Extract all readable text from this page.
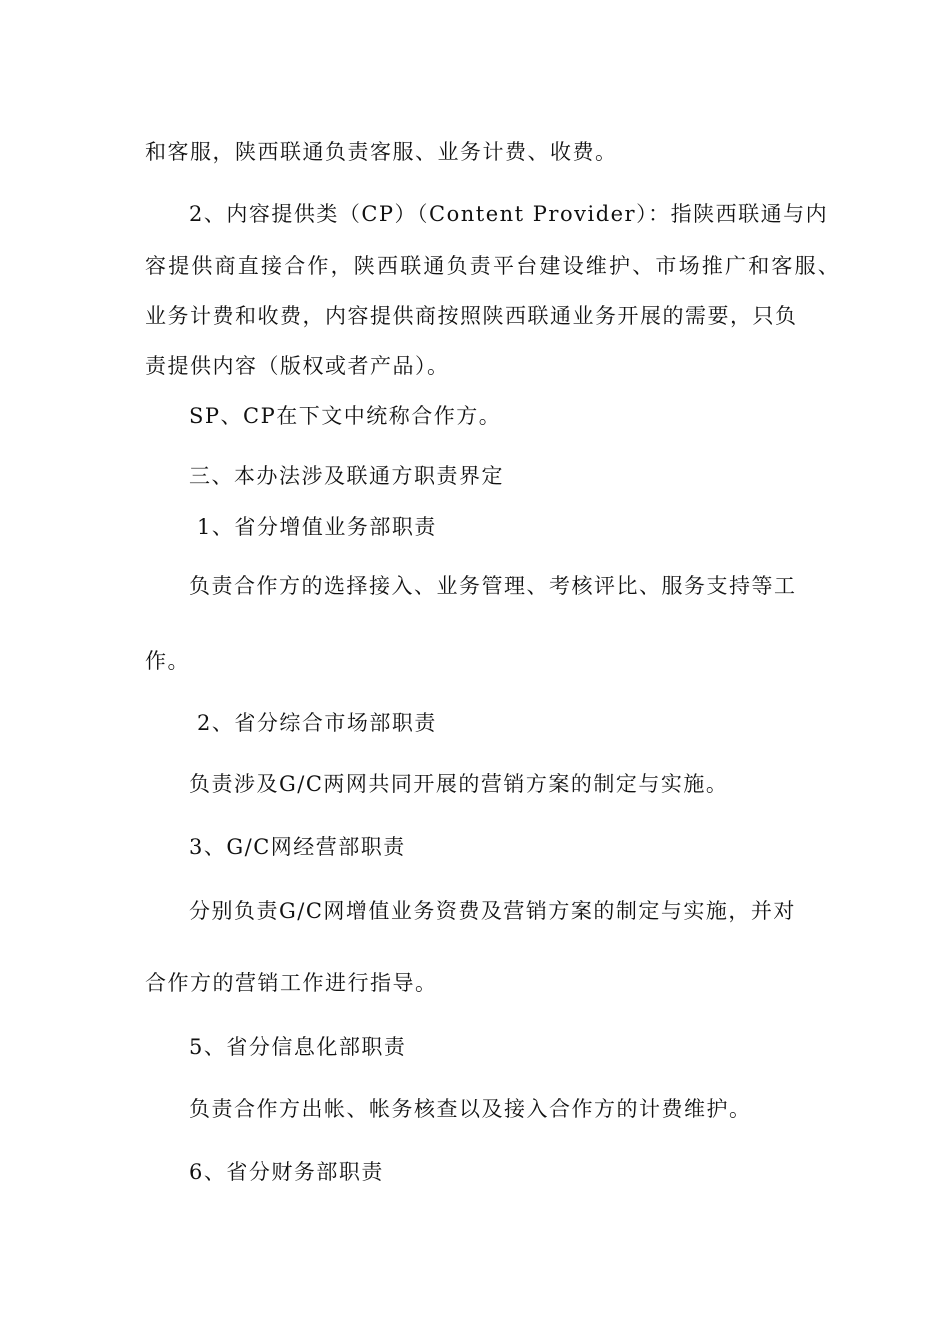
和客服，陕西联通负责客服、业务计费、收费。
2、内容提供类（CP）（Content Provider）：指陕西联通与内
容提供商直接合作，陕西联通负责平台建设维护、市场推广和客服、
业务计费和收费，内容提供商按照陕西联通业务开展的需要，只负
责提供内容（版权或者产品）。
SP、CP在下文中统称合作方。
三、本办法涉及联通方职责界定
1、省分增值业务部职责
负责合作方的选择接入、业务管理、考核评比、服务支持等工
作。
2、省分综合市场部职责
负责涉及G/C两网共同开展的营销方案的制定与实施。
3、G/C网经营部职责
分别负责G/C网增值业务资费及营销方案的制定与实施，并对
合作方的营销工作进行指导。
5、省分信息化部职责
负责合作方出帐、帐务核查以及接入合作方的计费维护。
6、省分财务部职责
